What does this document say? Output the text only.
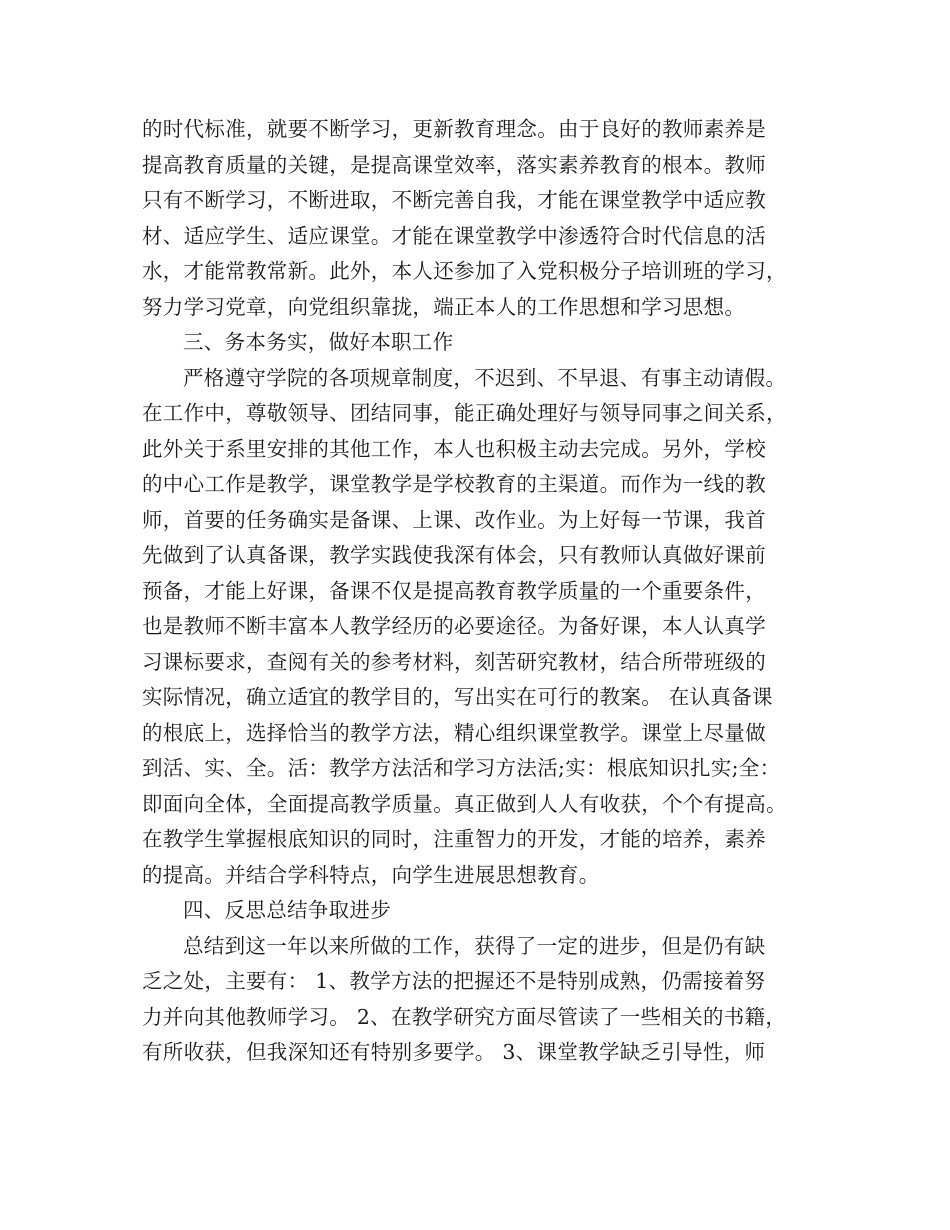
的时代标准，就要不断学习，更新教育理念。由于良好的教师素养是
提高教育质量的关键，是提高课堂效率，落实素养教育的根本。教师
只有不断学习，不断进取，不断完善自我，才能在课堂教学中适应教
材、适应学生、适应课堂。才能在课堂教学中渗透符合时代信息的活
水，才能常教常新。此外，本人还参加了入党积极分子培训班的学习，
努力学习党章，向党组织靠拢，端正本人的工作思想和学习思想。
三、务本务实，做好本职工作
严格遵守学院的各项规章制度，不迟到、不早退、有事主动请假。
在工作中，尊敬领导、团结同事，能正确处理好与领导同事之间关系，
此外关于系里安排的其他工作，本人也积极主动去完成。另外，学校
的中心工作是教学，课堂教学是学校教育的主渠道。而作为一线的教
师，首要的任务确实是备课、上课、改作业。为上好每一节课，我首
先做到了认真备课，教学实践使我深有体会，只有教师认真做好课前
预备，才能上好课，备课不仅是提高教育教学质量的一个重要条件，
也是教师不断丰富本人教学经历的必要途径。为备好课，本人认真学
习课标要求，查阅有关的参考材料，刻苦研究教材，结合所带班级的
实际情况，确立适宜的教学目的，写出实在可行的教案。 在认真备课
的根底上，选择恰当的教学方法，精心组织课堂教学。课堂上尽量做
到活、实、全。活：教学方法活和学习方法活;实：根底知识扎实;全：
即面向全体，全面提高教学质量。真正做到人人有收获，个个有提高。
在教学生掌握根底知识的同时，注重智力的开发，才能的培养，素养
的提高。并结合学科特点，向学生进展思想教育。
四、反思总结争取进步
总结到这一年以来所做的工作，获得了一定的进步，但是仍有缺
乏之处，主要有： 1、教学方法的把握还不是特别成熟，仍需接着努
力并向其他教师学习。 2、在教学研究方面尽管读了一些相关的书籍，
有所收获，但我深知还有特别多要学。 3、课堂教学缺乏引导性，师
